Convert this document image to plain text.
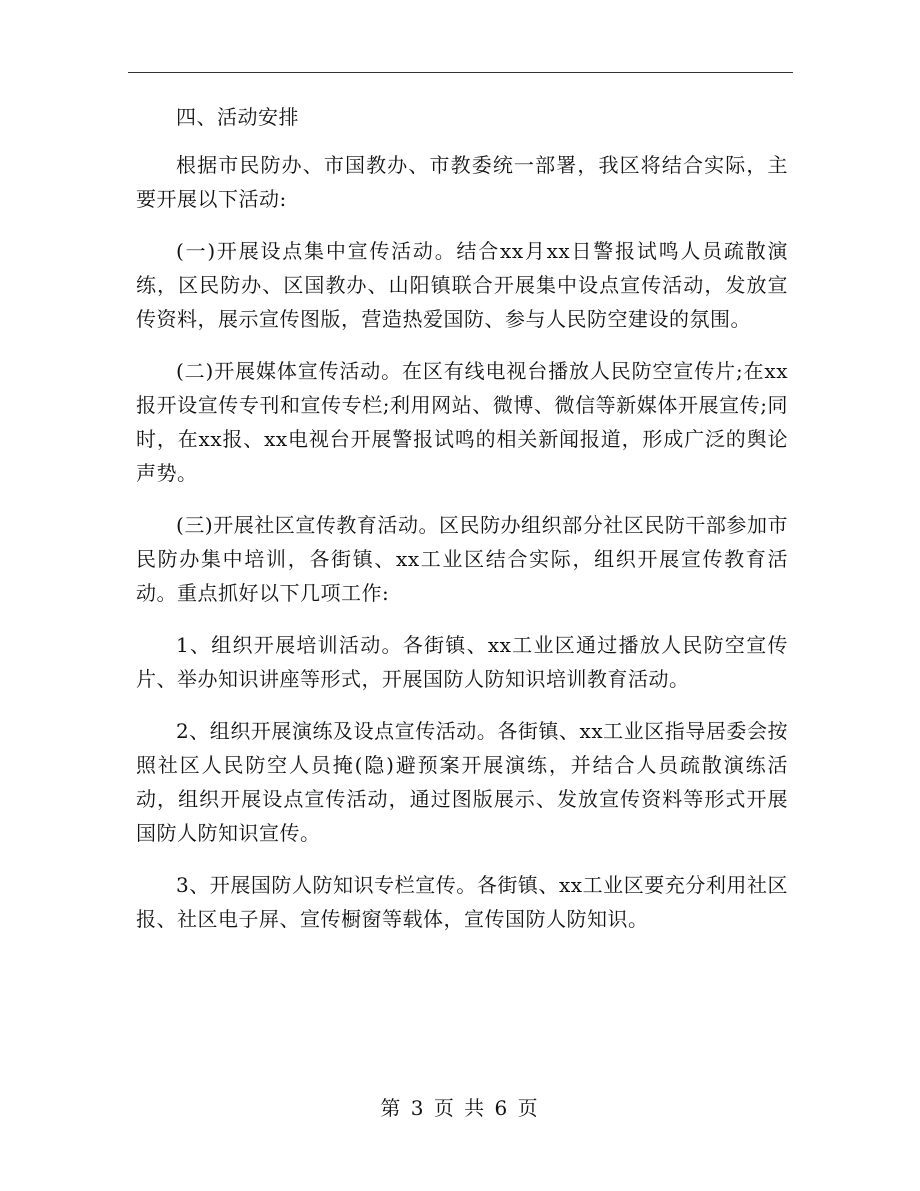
四、活动安排

根据市民防办、市国教办、市教委统一部署，我区将结合实际，主要开展以下活动:

(一)开展设点集中宣传活动。结合xx月xx日警报试鸣人员疏散演练，区民防办、区国教办、山阳镇联合开展集中设点宣传活动，发放宣传资料，展示宣传图版，营造热爱国防、参与人民防空建设的氛围。

(二)开展媒体宣传活动。在区有线电视台播放人民防空宣传片;在xx报开设宣传专刊和宣传专栏;利用网站、微博、微信等新媒体开展宣传;同时，在xx报、xx电视台开展警报试鸣的相关新闻报道，形成广泛的舆论声势。

(三)开展社区宣传教育活动。区民防办组织部分社区民防干部参加市民防办集中培训，各街镇、xx工业区结合实际，组织开展宣传教育活动。重点抓好以下几项工作:

1、组织开展培训活动。各街镇、xx工业区通过播放人民防空宣传片、举办知识讲座等形式，开展国防人防知识培训教育活动。

2、组织开展演练及设点宣传活动。各街镇、xx工业区指导居委会按照社区人民防空人员掩(隐)避预案开展演练，并结合人员疏散演练活动，组织开展设点宣传活动，通过图版展示、发放宣传资料等形式开展国防人防知识宣传。

3、开展国防人防知识专栏宣传。各街镇、xx工业区要充分利用社区报、社区电子屏、宣传橱窗等载体，宣传国防人防知识。

第 3 页 共 6 页
